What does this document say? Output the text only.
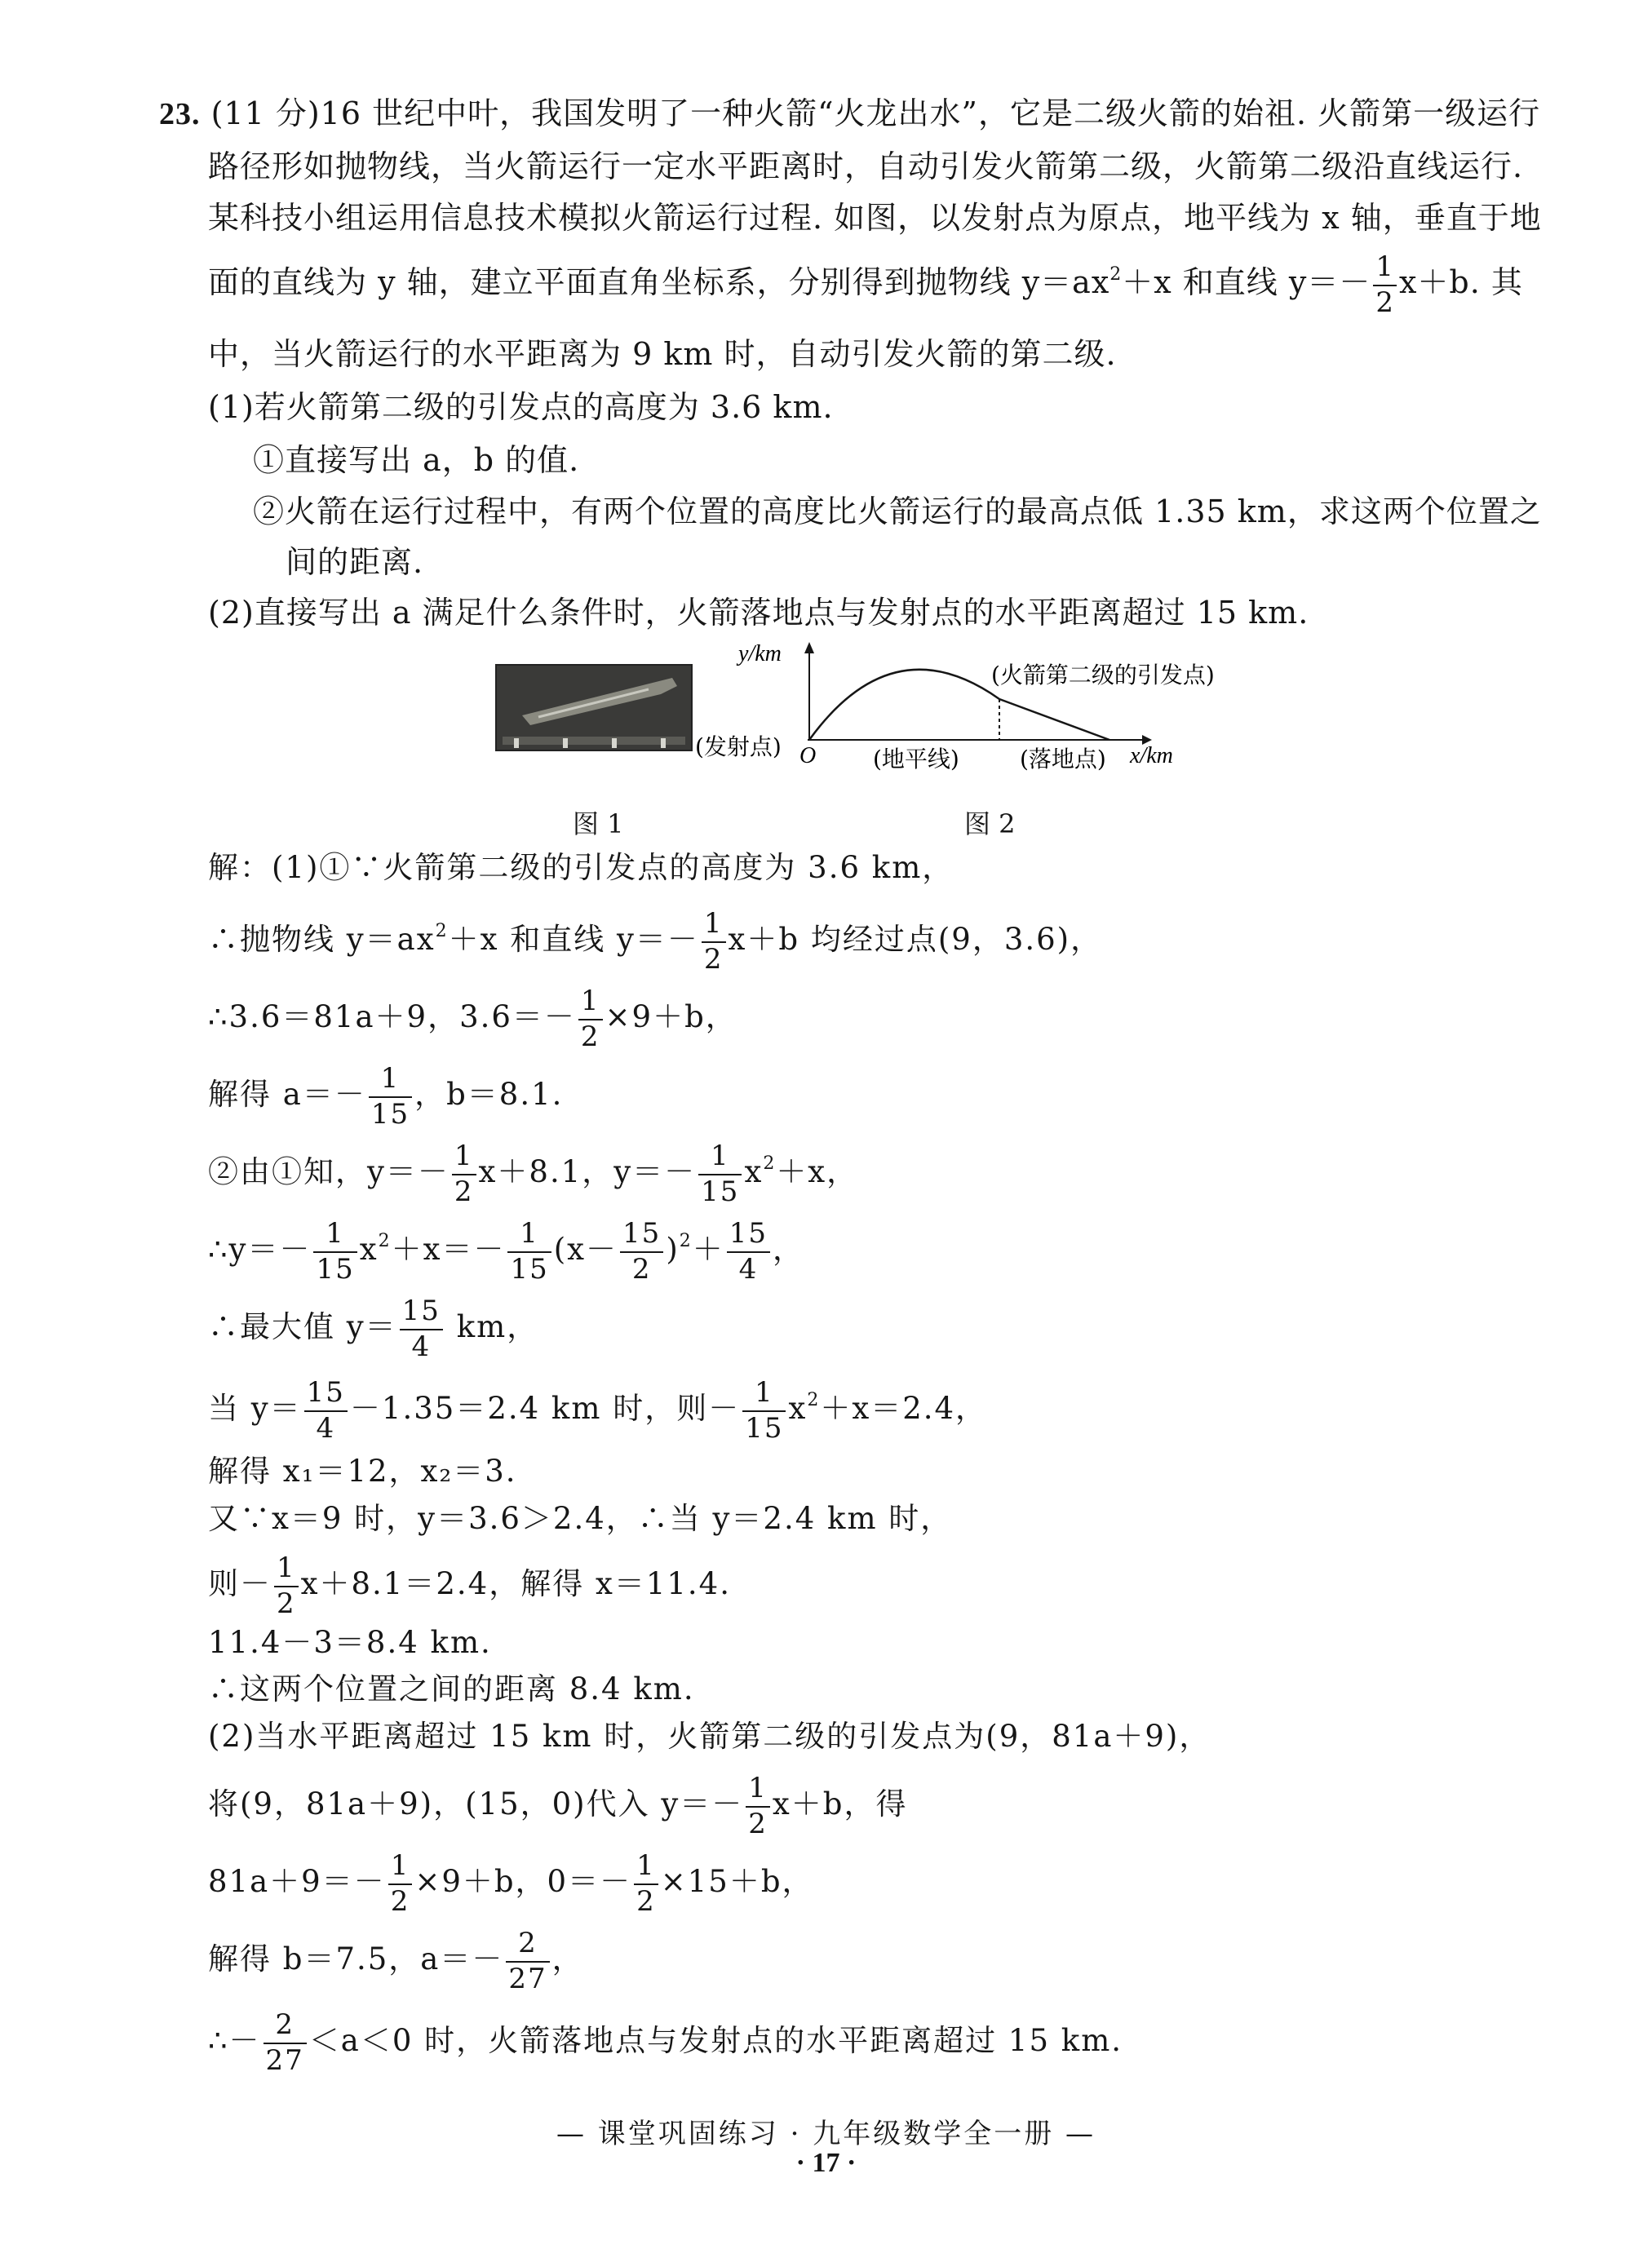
23. (11 分)16 世纪中叶，我国发明了一种火箭“火龙出水”，它是二级火箭的始祖. 火箭第一级运行
路径形如抛物线，当火箭运行一定水平距离时，自动引发火箭第二级，火箭第二级沿直线运行.
某科技小组运用信息技术模拟火箭运行过程. 如图，以发射点为原点，地平线为 x 轴，垂直于地
面的直线为 y 轴，建立平面直角坐标系，分别得到抛物线 $y=ax^2+x$ 和直线 $y=- \frac{1}{2} x+b$. 其
中，当火箭运行的水平距离为 9 km 时，自动引发火箭的第二级.
(1)若火箭第二级的引发点的高度为 3.6 km.
①直接写出 a，b 的值.
②火箭在运行过程中，有两个位置的高度比火箭运行的最高点低 1.35 km，求这两个位置之
间的距离.
(2)直接写出 a 满足什么条件时，火箭落地点与发射点的水平距离超过 15 km.
(发射点) O
y/km
x/km
(火箭第二级的引发点)
(地平线)	(落地点)
图 1	图 2
解：(1)①∵火箭第二级的引发点的高度为 3.6 km，
∴抛物线 $y=ax^2+x$ 和直线 $y=- \frac{1}{2} x+b$ 均经过点(9，3.6)，
∴3.6＝81a＋9，$3.6=- \frac{1}{2} \times 9+b$，
解得 $a=- \frac{1}{15}$ ，b＝8.1.
②由①知，$y=- \frac{1}{2} x+8.1$，$y=- \frac{1}{15} x^2+x$，
∴y＝－ $\frac{1}{15} x^2+x=- \frac{1}{15} (x- \frac{15}{2} )^2+ \frac{15}{4}$ ，
∴最大值 $y= \frac{15}{4}$ km，
当 $y= \frac{15}{4} -1.35=2.4$ km 时，则－ $\frac{1}{15} x^2+x=2.4$，
解得 x₁＝12，x₂＝3.
又∵x＝9 时，y＝3.6＞2.4，∴当 y＝2.4 km 时，
则－ $\frac{1}{2} x+8.1=2.4$，解得 x＝11.4.
11.4－3＝8.4 km.
∴这两个位置之间的距离 8.4 km.
(2)当水平距离超过 15 km 时，火箭第二级的引发点为(9，81a＋9)，
将(9，81a＋9)，(15，0)代入 $y=- \frac{1}{2} x+b$，得
$81a+9=- \frac{1}{2} \times 9+b$，$0=- \frac{1}{2} \times 15+b$，
解得 b＝7.5，$a=- \frac{2}{27}$ ，
∴－ $\frac{2}{27} <a<0$ 时，火箭落地点与发射点的水平距离超过 15 km.
— 课堂巩固练习 · 九年级数学全一册 —
· 17 ·
